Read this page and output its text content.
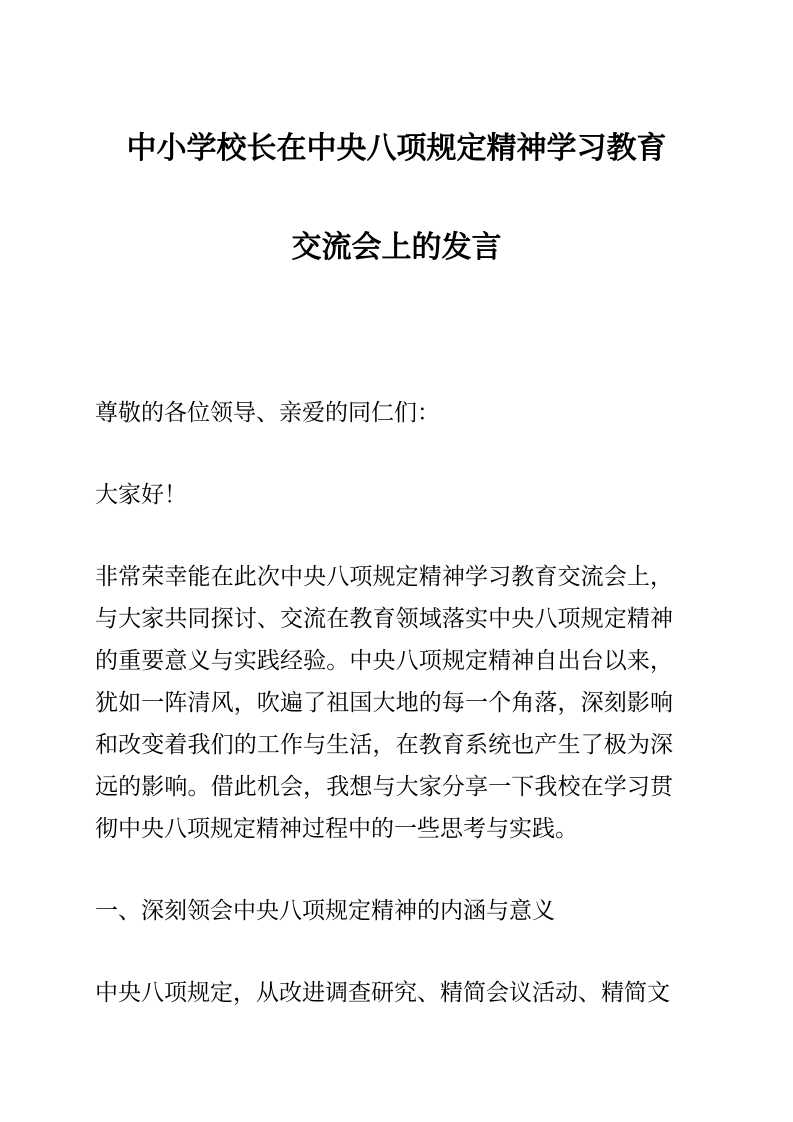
中小学校长在中央八项规定精神学习教育
交流会上的发言

尊敬的各位领导、亲爱的同仁们：

大家好！

非常荣幸能在此次中央八项规定精神学习教育交流会上，与大家共同探讨、交流在教育领域落实中央八项规定精神的重要意义与实践经验。中央八项规定精神自出台以来，犹如一阵清风，吹遍了祖国大地的每一个角落，深刻影响和改变着我们的工作与生活，在教育系统也产生了极为深远的影响。借此机会，我想与大家分享一下我校在学习贯彻中央八项规定精神过程中的一些思考与实践。

一、深刻领会中央八项规定精神的内涵与意义

中央八项规定，从改进调查研究、精简会议活动、精简文
